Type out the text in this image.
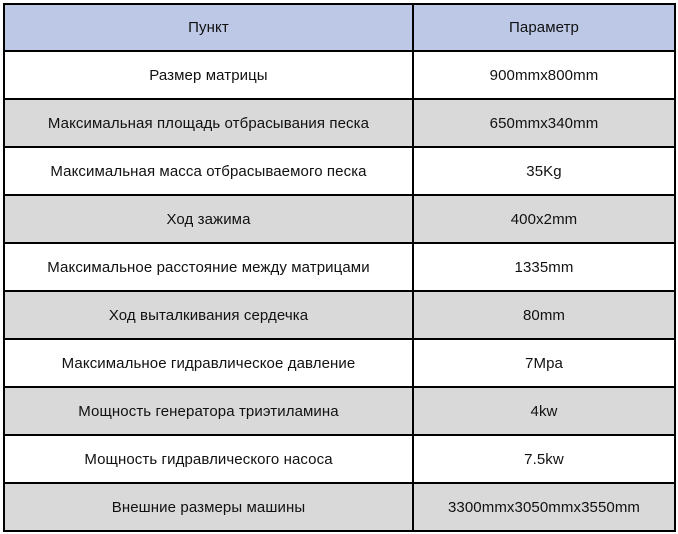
Пункт	Параметр
Размер матрицы	900mmx800mm
Максимальная площадь отбрасывания песка	650mmx340mm
Максимальная масса отбрасываемого песка	35Kg
Ход зажима	400x2mm
Максимальное расстояние между матрицами	1335mm
Ход выталкивания сердечка	80mm
Максимальное гидравлическое давление	7Mpa
Мощность генератора триэтиламина	4kw
Мощность гидравлического насоса	7.5kw
Внешние размеры машины	3300mmx3050mmx3550mm
